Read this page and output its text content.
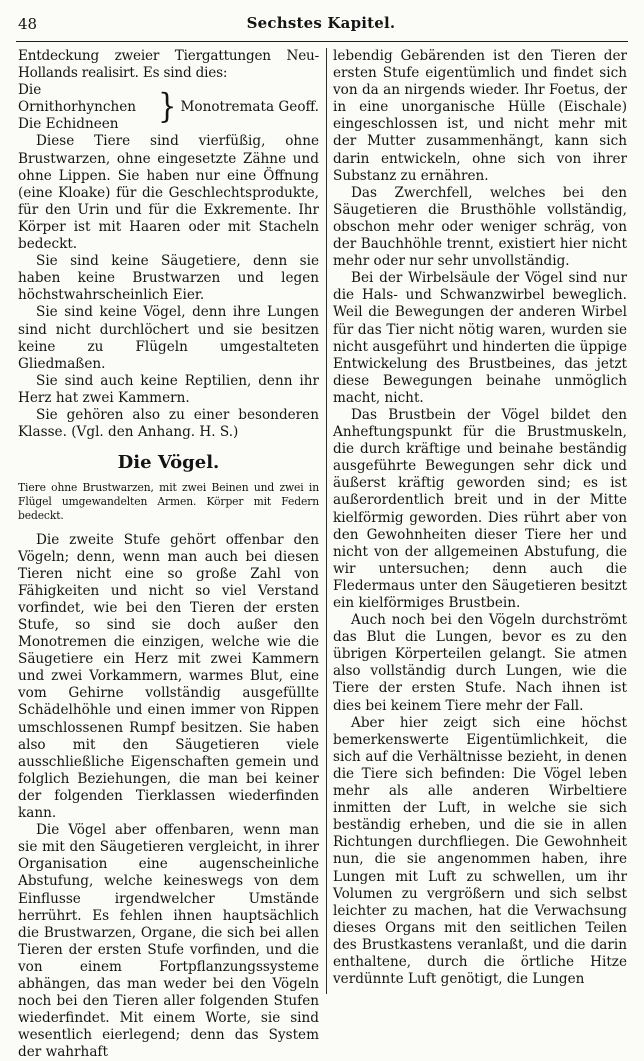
48	Sechstes Kapitel.

Entdeckung zweier Tiergattungen Neu-Hollands realisirt. Es sind dies:

Die Ornithorhynchen
Die Echidneen	} Monotremata Geoff.

Diese Tiere sind vierfüßig, ohne Brustwarzen, ohne eingesetzte Zähne und ohne Lippen. Sie haben nur eine Öffnung (eine Kloake) für die Geschlechtsprodukte, für den Urin und für die Exkremente. Ihr Körper ist mit Haaren oder mit Stacheln bedeckt.

Sie sind keine Säugetiere, denn sie haben keine Brustwarzen und legen höchstwahrscheinlich Eier.

Sie sind keine Vögel, denn ihre Lungen sind nicht durchlöchert und sie besitzen keine zu Flügeln umgestalteten Gliedmaßen.

Sie sind auch keine Reptilien, denn ihr Herz hat zwei Kammern.

Sie gehören also zu einer besonderen Klasse. (Vgl. den Anhang. H. S.)

Die Vögel.

Tiere ohne Brustwarzen, mit zwei Beinen und zwei in Flügel umgewandelten Armen. Körper mit Federn bedeckt.

Die zweite Stufe gehört offenbar den Vögeln; denn, wenn man auch bei diesen Tieren nicht eine so große Zahl von Fähigkeiten und nicht so viel Verstand vorfindet, wie bei den Tieren der ersten Stufe, so sind sie doch außer den Monotremen die einzigen, welche wie die Säugetiere ein Herz mit zwei Kammern und zwei Vorkammern, warmes Blut, eine vom Gehirne vollständig ausgefüllte Schädelhöhle und einen immer von Rippen umschlossenen Rumpf besitzen. Sie haben also mit den Säugetieren viele ausschließliche Eigenschaften gemein und folglich Beziehungen, die man bei keiner der folgenden Tierklassen wiederfinden kann.

Die Vögel aber offenbaren, wenn man sie mit den Säugetieren vergleicht, in ihrer Organisation eine augenscheinliche Abstufung, welche keineswegs von dem Einflusse irgendwelcher Umstände herrührt. Es fehlen ihnen hauptsächlich die Brustwarzen, Organe, die sich bei allen Tieren der ersten Stufe vorfinden, und die von einem Fortpflanzungssysteme abhängen, das man weder bei den Vögeln noch bei den Tieren aller folgenden Stufen wiederfindet. Mit einem Worte, sie sind wesentlich eierlegend; denn das System der wahrhaft

lebendig Gebärenden ist den Tieren der ersten Stufe eigentümlich und findet sich von da an nirgends wieder. Ihr Foetus, der in eine unorganische Hülle (Eischale) eingeschlossen ist, und nicht mehr mit der Mutter zusammenhängt, kann sich darin entwickeln, ohne sich von ihrer Substanz zu ernähren.

Das Zwerchfell, welches bei den Säugetieren die Brusthöhle vollständig, obschon mehr oder weniger schräg, von der Bauchhöhle trennt, existiert hier nicht mehr oder nur sehr unvollständig.

Bei der Wirbelsäule der Vögel sind nur die Hals- und Schwanzwirbel beweglich. Weil die Bewegungen der anderen Wirbel für das Tier nicht nötig waren, wurden sie nicht ausgeführt und hinderten die üppige Entwickelung des Brustbeines, das jetzt diese Bewegungen beinahe unmöglich macht, nicht.

Das Brustbein der Vögel bildet den Anheftungspunkt für die Brustmuskeln, die durch kräftige und beinahe beständig ausgeführte Bewegungen sehr dick und äußerst kräftig geworden sind; es ist außerordentlich breit und in der Mitte kielförmig geworden. Dies rührt aber von den Gewohnheiten dieser Tiere her und nicht von der allgemeinen Abstufung, die wir untersuchen; denn auch die Fledermaus unter den Säugetieren besitzt ein kielförmiges Brustbein.

Auch noch bei den Vögeln durchströmt das Blut die Lungen, bevor es zu den übrigen Körperteilen gelangt. Sie atmen also vollständig durch Lungen, wie die Tiere der ersten Stufe. Nach ihnen ist dies bei keinem Tiere mehr der Fall.

Aber hier zeigt sich eine höchst bemerkenswerte Eigentümlichkeit, die sich auf die Verhältnisse bezieht, in denen die Tiere sich befinden: Die Vögel leben mehr als alle anderen Wirbeltiere inmitten der Luft, in welche sie sich beständig erheben, und die sie in allen Richtungen durchfliegen. Die Gewohnheit nun, die sie angenommen haben, ihre Lungen mit Luft zu schwellen, um ihr Volumen zu vergrößern und sich selbst leichter zu machen, hat die Verwachsung dieses Organs mit den seitlichen Teilen des Brustkastens veranlaßt, und die darin enthaltene, durch die örtliche Hitze verdünnte Luft genötigt, die Lungen
